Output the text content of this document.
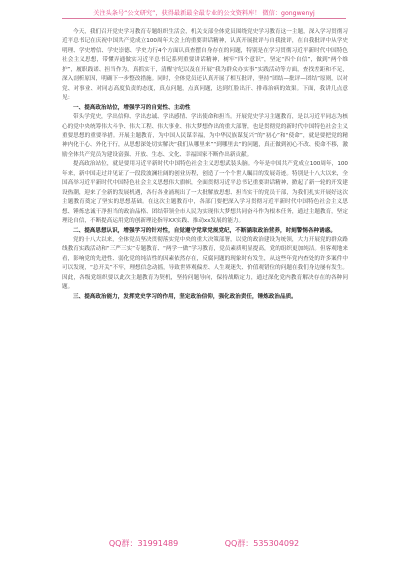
关注头条号“公文研究”，获得最新最全最专业的公文资料库！ 微信：gongwenyj

今天，我们召开党史学习教育专题组织生活会，机关支部全体党员围绕党史学习教育这一主题，深入学习贯彻习近平总书记在庆祝中国共产党成立100周年大会上的重要讲话精神，认真开展批评与自我批评，在自我批评中从学史明理、学史增信、学史崇德、学史力行4个方面认真查摆自身存在的问题，特别是在学习贯彻习近平新时代中国特色社会主义思想，带懂弄通做实习近平总书记系列重要讲话精神，树牢“四个意识”，坚定“四个自信”，做到“两个维护”，履职践诺、担当作为，真抓实干，清醒守纪以及在开展“我为群众办实事”实践活动等方面，查找差距和不足，深入剖析原因，明确下一步整改措施。同时，全体党员还认真开展了相互批评，坚持“团结—批评—团结”原则，以对党、对事业、对同志高度负责的态度，真点问题，点真问题，达到红脸出汗、排毒治病的效果。下面，我讲几点意见：

一、提高政治站位，增强学习的自觉性、主动性

带头学党史，学出信仰、学出忠诚、学出感情、学出使命和担当。开展党史学习主题教育，是以习近平同志为核心的党中央统筹伟大斗争、伟大工程、伟大事业、伟大梦想作出的重大部署，也是贯彻党的新时代中国特色社会主义重要思想的重要举措。开展主题教育，为中国人民谋幸福，为中华民族谋复兴”的“初心”和“使命”，就是要把党的精神内化于心、外化于行，从思想深处切实解决“我们从哪里来”“到哪里去”的问题，真正做到初心不改、使命不移，激励全体共产党员为建设富强、开放、生态、文化、幸福国家不断作出新贡献。

提高政治站位，就是要用习近平新时代中国特色社会主义思想武装头脑。今年是中国共产党成立100周年，100年来，新中国走过并见证了一段段波澜壮阔的创业历程，创造了一个个世人瞩目的发展奇迹。特别是十八大以来，全国高举习近平新时代中国特色社会主义思想伟大旗帜，全面贯彻习近平总书记重要讲话精神，掀起了新一轮的开发建设热潮，迎来了全新的发展机遇，各行各业涌现出了一大批解放思想、担当实干的党员干部，为我们扎实开展好这次主题教育奠定了坚实的思想基础。在这次主题教育中，各部门要把深入学习贯彻习近平新时代中国特色社会主义思想、锤炼忠诚干净担当的政治品格、团结带领全市人民为实现伟大梦想共同奋斗作为根本任务，通过主题教育，坚定理论自信，不断提高运用党的创新理论指导XX实践、推动xx发展的能力。

二、提高思想认识，增强学习的针对性，自觉遵守党章党规党纪，不断涵取政治营养，时刻警惕各种诱惑。

党的十八大以来，全体党员坚决贯彻落实党中央的重大决策部署，以党的政治建设为统领，大力开展党的群众路线教育实践活动和“三严三实”专题教育、“两学一做”学习教育，党员素质明显提高，党的组织更加纯洁。但客观地来看，影响党的先进性、弱化党的纯洁性的因素依然存在，反腐问题的现象时有发生，从这些年党内查处的许多案件中可以发现，“总开关”不牢，理想信念动摇，导致世界观偏差、人生观迷失、价值观错位的问题在我们身边屡有发生。因此，各级党组织要以此次主题教育为契机，坚持问题导向，保持战略定力，通过深化党内教育解决存在的各种问题。

三、提高政治能力，发挥党史学习的作用，坚定政治信仰，强化政治责任，锤炼政治品质。
QQ群：31991489	QQ群：535304092
